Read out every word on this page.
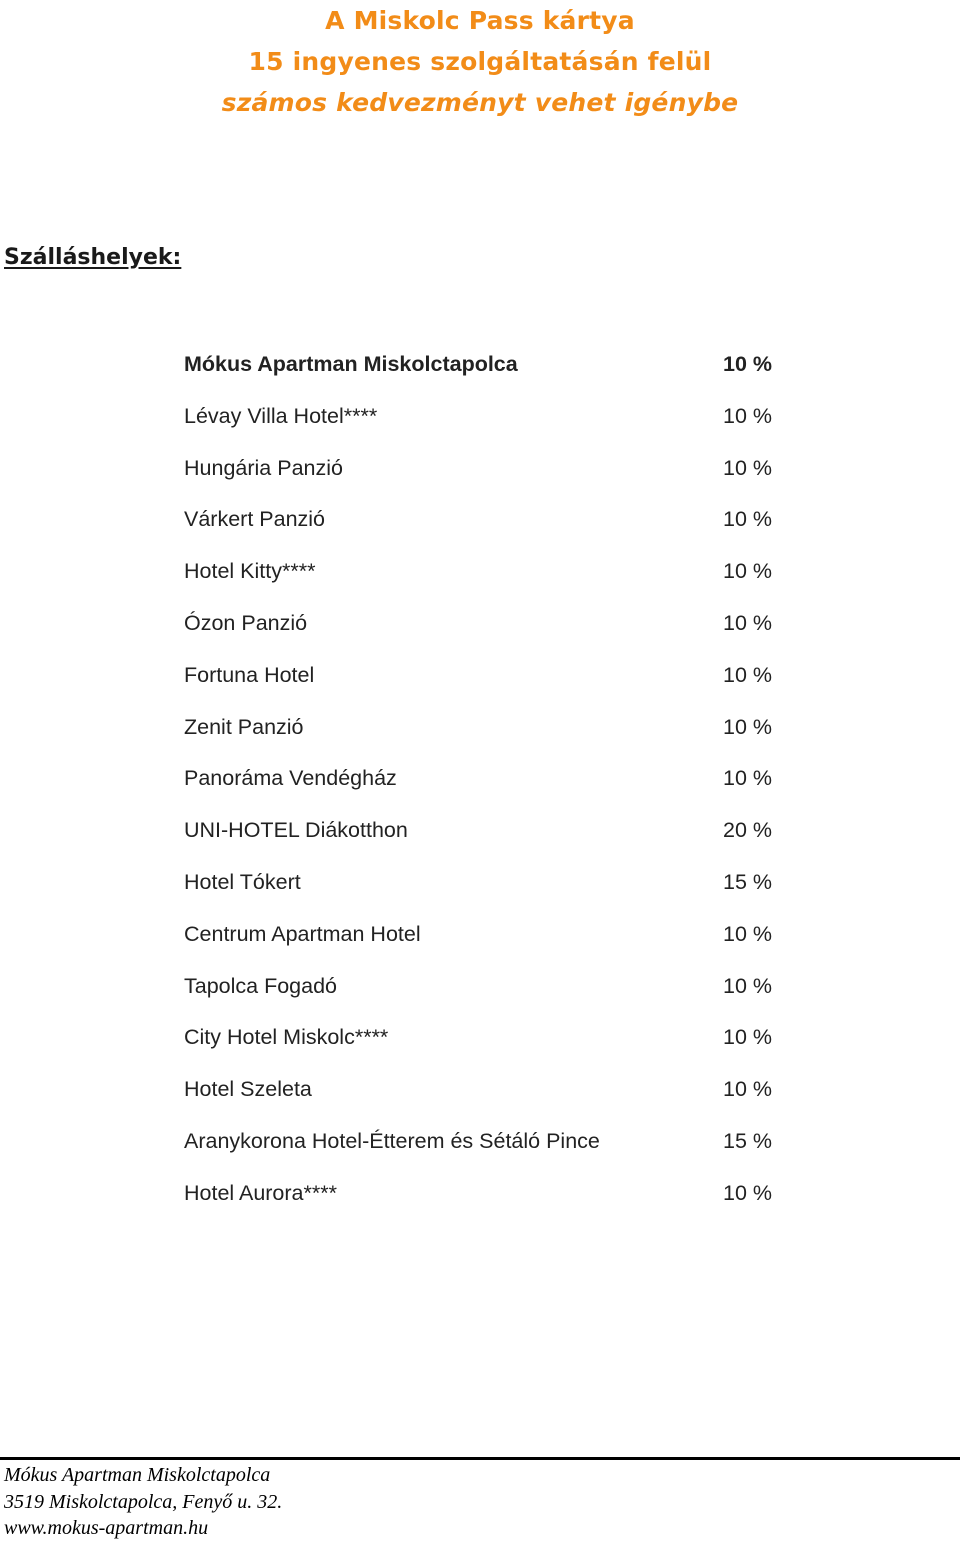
A Miskolc Pass kártya
15 ingyenes szolgáltatásán felül
számos kedvezményt vehet igénybe
Szálláshelyek:
Mókus Apartman Miskolctapolca	10 %
Lévay Villa Hotel****	10 %
Hungária Panzió	10 %
Várkert Panzió	10 %
Hotel Kitty****	10 %
Ózon Panzió	10 %
Fortuna Hotel	10 %
Zenit Panzió	10 %
Panoráma Vendégház	10 %
UNI-HOTEL Diákotthon	20 %
Hotel Tókert	15 %
Centrum Apartman Hotel	10 %
Tapolca Fogadó	10 %
City Hotel Miskolc****	10 %
Hotel Szeleta	10 %
Aranykorona Hotel-Étterem és Sétáló Pince	15 %
Hotel Aurora****	10 %
Mókus Apartman Miskolctapolca
3519 Miskolctapolca, Fenyő u. 32.
www.mokus-apartman.hu
